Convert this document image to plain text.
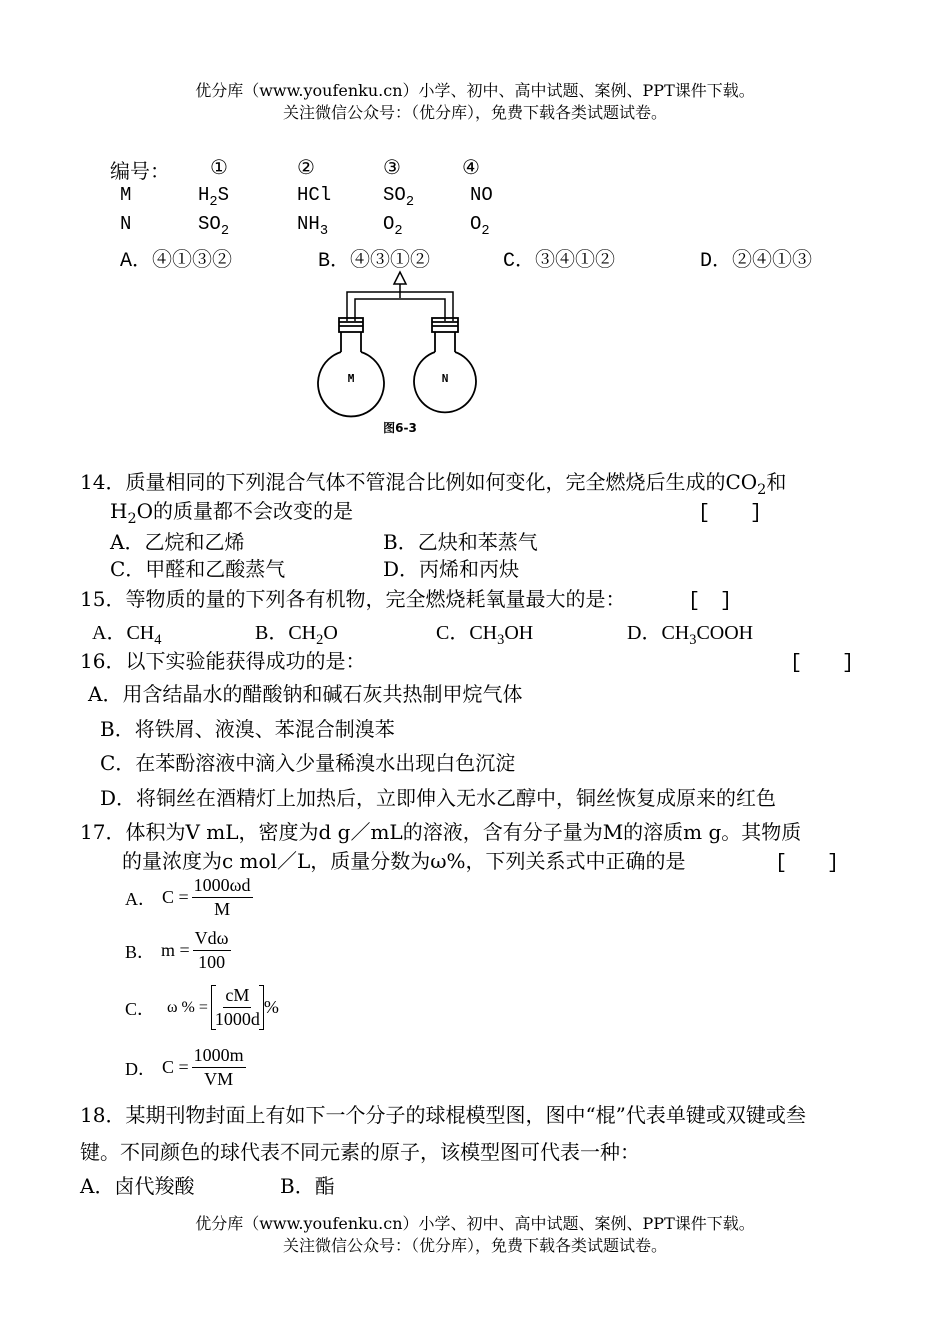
优分库（www.youfenku.cn）小学、初中、高中试题、案例、PPT课件下载。
关注微信公众号：（优分库），免费下载各类试题试卷。
编号： ①	②	③	④
M	$H_2S$	HCl	$SO_2$	NO
N	$SO_2$	$NH_3$	$O_2$	$O_2$
A．④①③②	B．④③①②	C．③④①②	D．②④①③
M	N
图6-3
14．质量相同的下列混合气体不管混合比例如何变化，完全燃烧后生成的$CO_2$和
$H_2O$的质量都不会改变的是	[　　]
A．乙烷和乙烯	B．乙炔和苯蒸气
C．甲醛和乙酸蒸气	D．丙烯和丙炔
15．等物质的量的下列各有机物，完全燃烧耗氧量最大的是：	[　]
A．$CH_4$	B．$CH_2O$	C．$CH_3OH$	D．$CH_3COOH$
16．以下实验能获得成功的是：	[　　]
A．用含结晶水的醋酸钠和碱石灰共热制甲烷气体
B．将铁屑、液溴、苯混合制溴苯
C．在苯酚溶液中滴入少量稀溴水出现白色沉淀
D．将铜丝在酒精灯上加热后，立即伸入无水乙醇中，铜丝恢复成原来的红色
17．体积为V mL，密度为d g／mL的溶液，含有分子量为M的溶质m g。其物质
的量浓度为c mol／L，质量分数为ω%，下列关系式中正确的是	[　　]
A． $C = \frac{1000\omega d}{M}$
B． $m = \frac{\text{Vdω}}{100}$
C． ω % = $\frac{cM}{1000d}$ %
D． $C = \frac{1000m}{VM}$
18．某期刊物封面上有如下一个分子的球棍模型图，图中“棍”代表单键或双键或叁
键。不同颜色的球代表不同元素的原子，该模型图可代表一种：
A．卤代羧酸	B．酯
优分库（www.youfenku.cn）小学、初中、高中试题、案例、PPT课件下载。
关注微信公众号：（优分库），免费下载各类试题试卷。
